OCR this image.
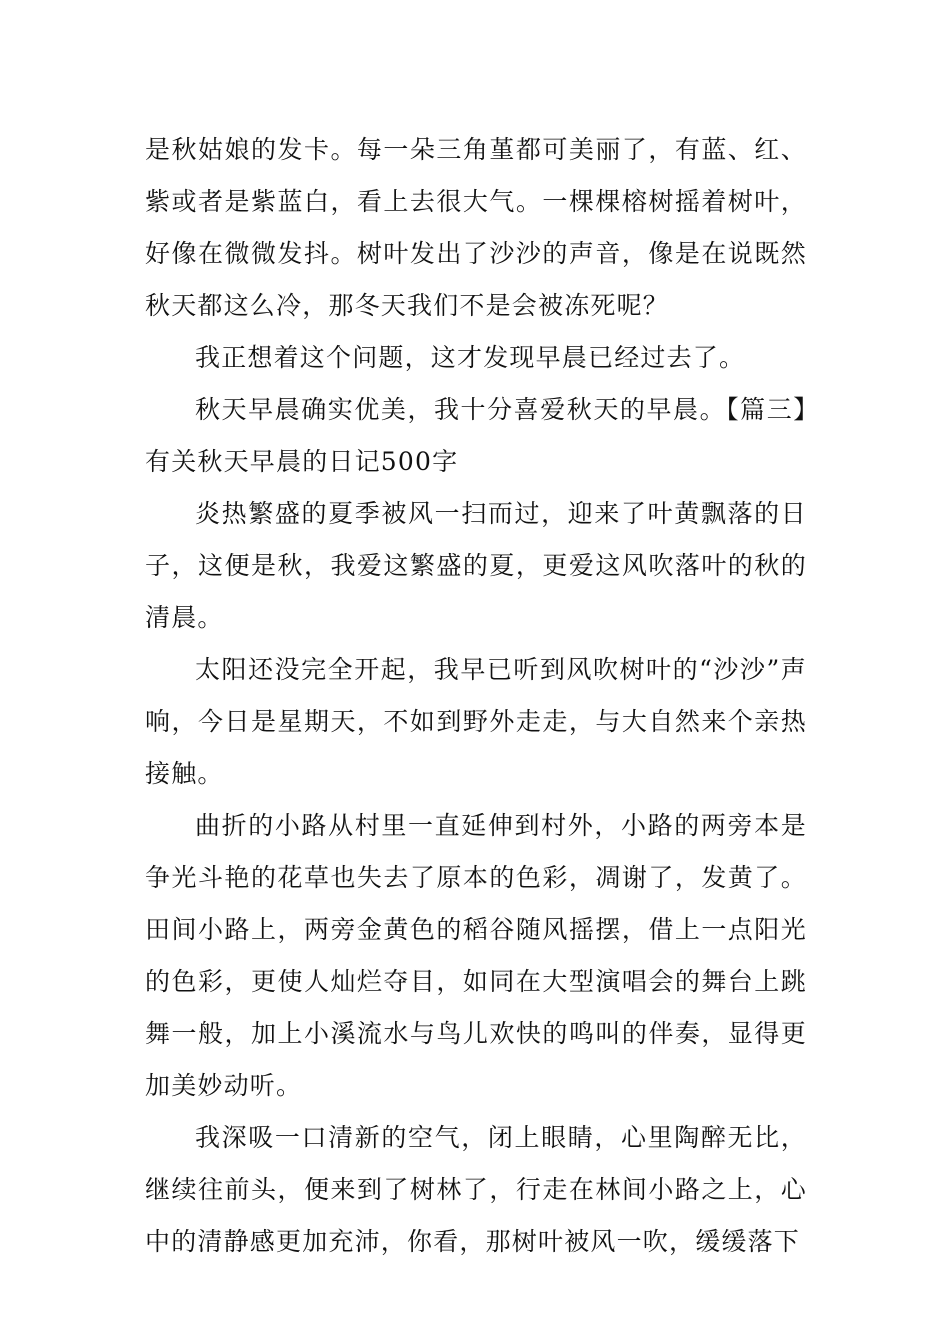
是秋姑娘的发卡。每一朵三角堇都可美丽了，有蓝、红、紫或者是紫蓝白，看上去很大气。一棵棵榕树摇着树叶，好像在微微发抖。树叶发出了沙沙的声音，像是在说既然秋天都这么冷，那冬天我们不是会被冻死呢？

我正想着这个问题，这才发现早晨已经过去了。

秋天早晨确实优美，我十分喜爱秋天的早晨。【篇三】有关秋天早晨的日记500字

炎热繁盛的夏季被风一扫而过，迎来了叶黄飘落的日子，这便是秋，我爱这繁盛的夏，更爱这风吹落叶的秋的清晨。

太阳还没完全开起，我早已听到风吹树叶的“沙沙”声响，今日是星期天，不如到野外走走，与大自然来个亲热接触。

曲折的小路从村里一直延伸到村外，小路的两旁本是争光斗艳的花草也失去了原本的色彩，凋谢了，发黄了。田间小路上，两旁金黄色的稻谷随风摇摆，借上一点阳光的色彩，更使人灿烂夺目，如同在大型演唱会的舞台上跳舞一般，加上小溪流水与鸟儿欢快的鸣叫的伴奏，显得更加美妙动听。

我深吸一口清新的空气，闭上眼睛，心里陶醉无比，继续往前头，便来到了树林了，行走在林间小路之上，心中的清静感更加充沛，你看，那树叶被风一吹，缓缓落下
